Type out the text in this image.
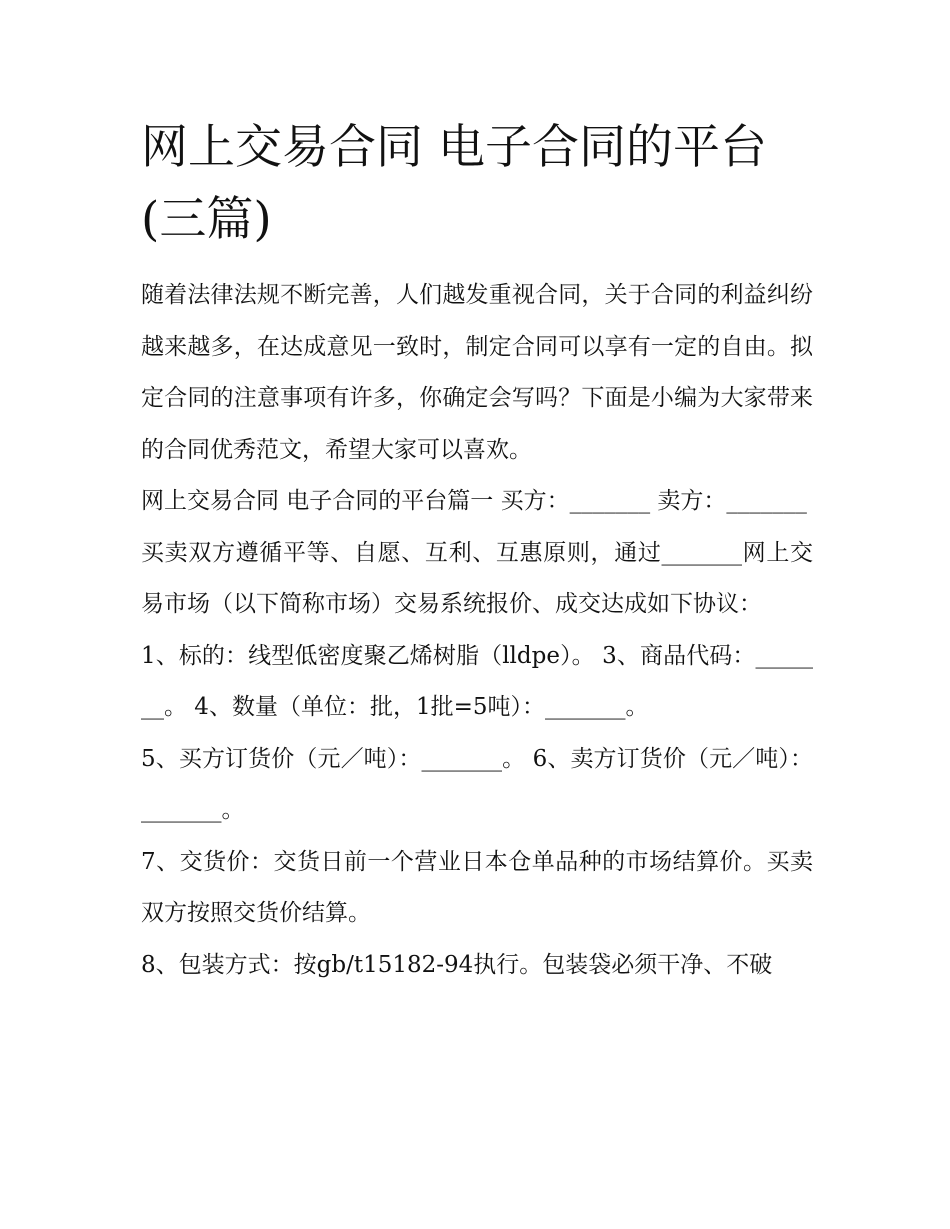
网上交易合同 电子合同的平台(三篇)

随着法律法规不断完善，人们越发重视合同，关于合同的利益纠纷越来越多，在达成意见一致时，制定合同可以享有一定的自由。拟定合同的注意事项有许多，你确定会写吗？下面是小编为大家带来的合同优秀范文，希望大家可以喜欢。

网上交易合同 电子合同的平台篇一 买方：_______ 卖方：_______

买卖双方遵循平等、自愿、互利、互惠原则，通过_______网上交易市场（以下简称市场）交易系统报价、成交达成如下协议：

1、标的：线型低密度聚乙烯树脂（lldpe）。 3、商品代码：_______。 4、数量（单位：批，1批=5吨）：_______。

5、买方订货价（元／吨）：_______。 6、卖方订货价（元／吨）：_______。

7、交货价：交货日前一个营业日本仓单品种的市场结算价。买卖双方按照交货价结算。

8、包装方式：按gb/t15182-94执行。包装袋必须干净、不破
